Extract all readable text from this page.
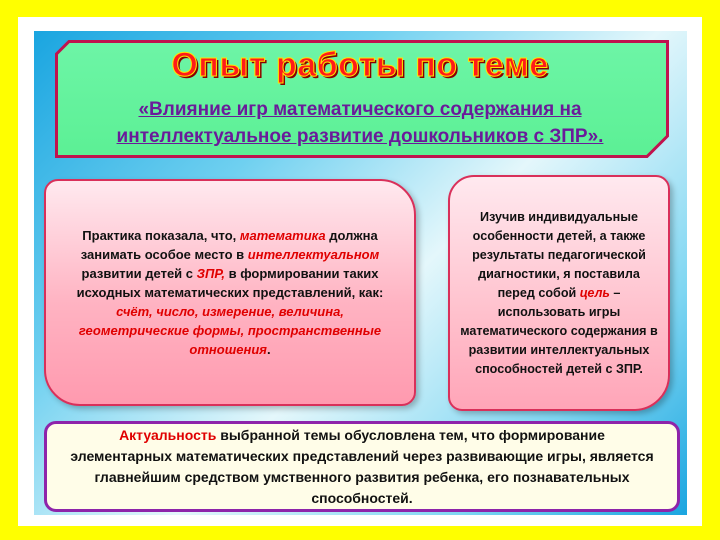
Опыт работы по теме
«Влияние игр математического содержания на
интеллектуальное развитие дошкольников с ЗПР».
Практика показала, что, математика должна занимать особое место в интеллектуальном развитии детей с ЗПР, в формировании таких исходных математических представлений, как: счёт, число, измерение, величина, геометрические формы, пространственные отношения.
Изучив индивидуальные особенности детей, а также результаты педагогической диагностики, я поставила перед собой цель – использовать игры математического содержания в развитии интеллектуальных способностей детей с ЗПР.
Актуальность выбранной темы обусловлена тем, что формирование элементарных математических представлений через развивающие игры, является главнейшим средством умственного развития ребенка, его познавательных способностей.
